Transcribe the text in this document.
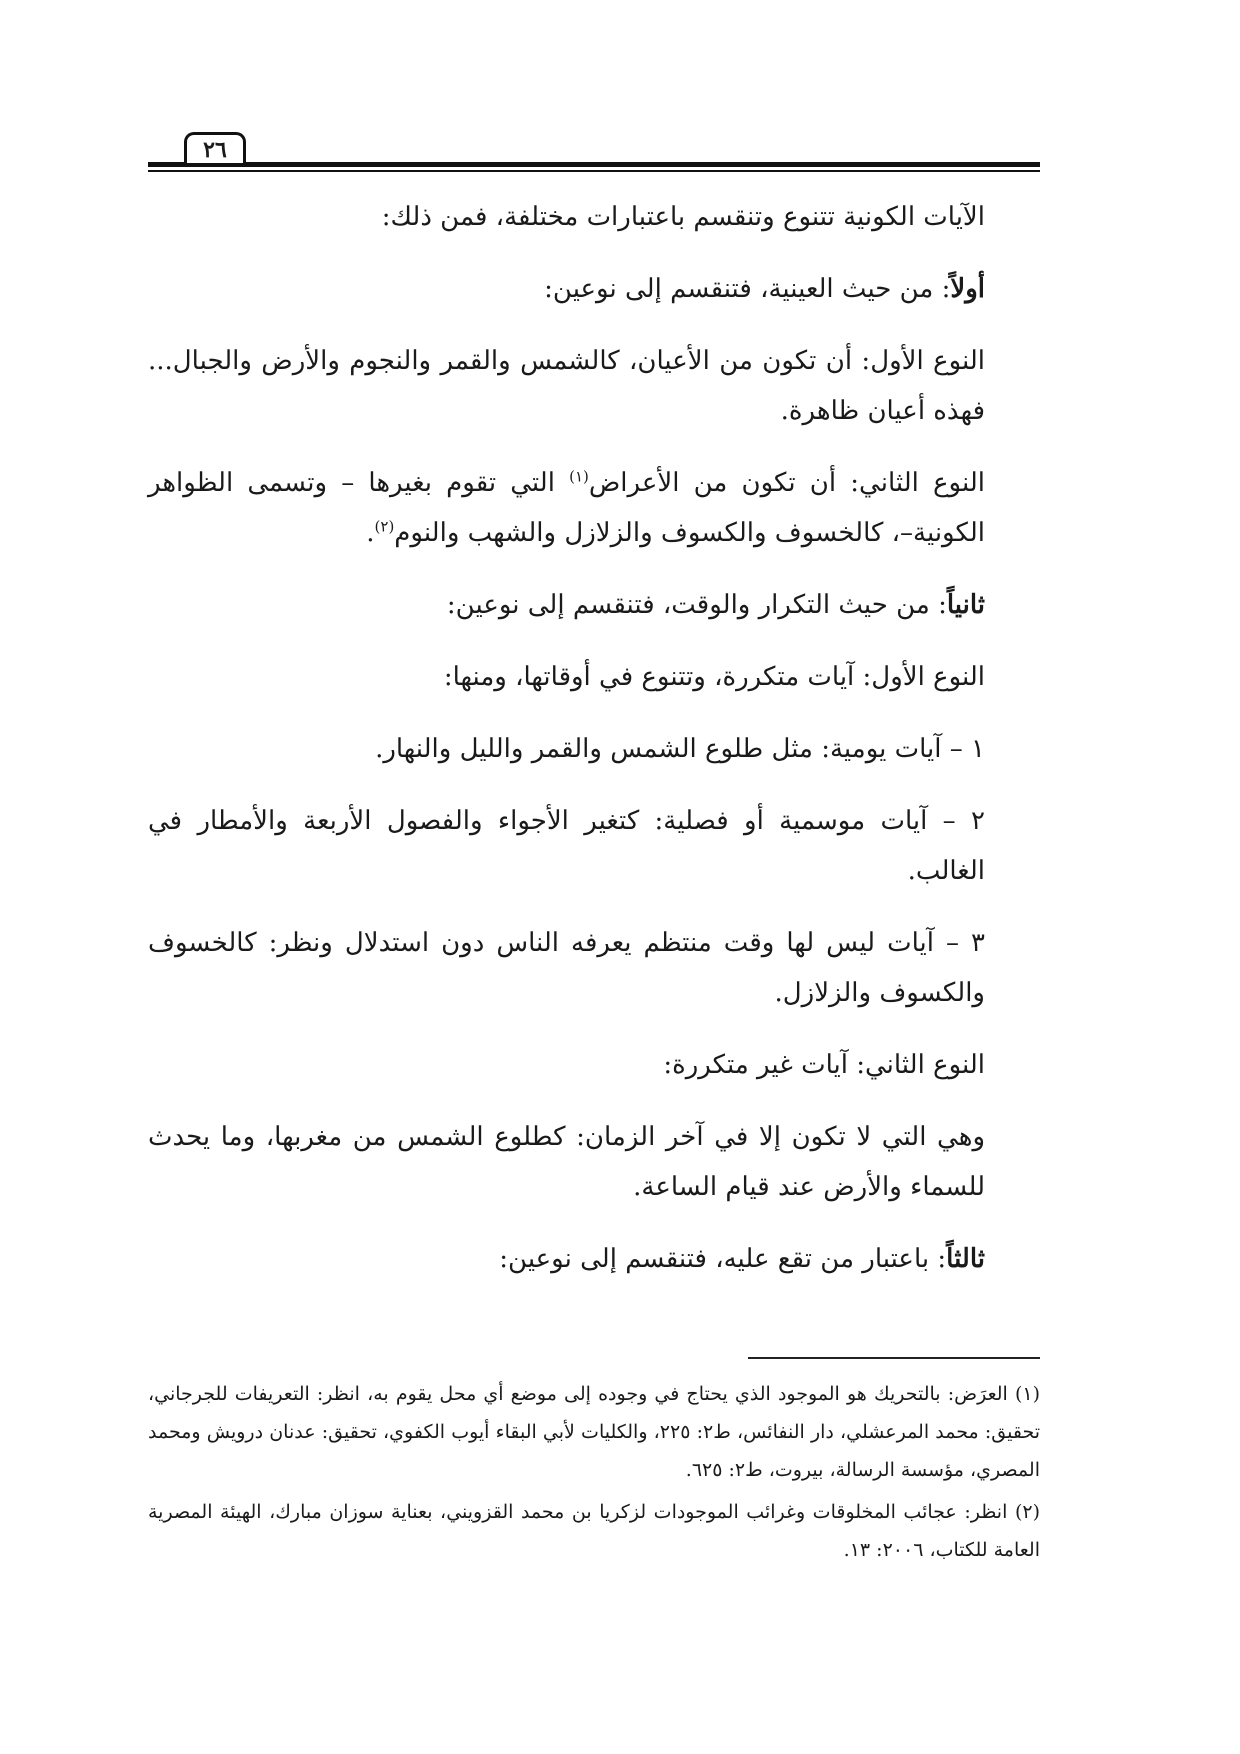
٢٦

الآيات الكونية تتنوع وتنقسم باعتبارات مختلفة، فمن ذلك:

أولاً: من حيث العينية، فتنقسم إلى نوعين:

النوع الأول: أن تكون من الأعيان، كالشمس والقمر والنجوم والأرض والجبال... فهذه أعيان ظاهرة.

النوع الثاني: أن تكون من الأعراض$^{(١)}$ التي تقوم بغيرها – وتسمى الظواهر الكونية–، كالخسوف والكسوف والزلازل والشهب والنوم$^{(٢)}$.

ثانياً: من حيث التكرار والوقت، فتنقسم إلى نوعين:

النوع الأول: آيات متكررة، وتتنوع في أوقاتها، ومنها:

١ – آيات يومية: مثل طلوع الشمس والقمر والليل والنهار.

٢ – آيات موسمية أو فصلية: كتغير الأجواء والفصول الأربعة والأمطار في الغالب.

٣ – آيات ليس لها وقت منتظم يعرفه الناس دون استدلال ونظر: كالخسوف والكسوف والزلازل.

النوع الثاني: آيات غير متكررة:

وهي التي لا تكون إلا في آخر الزمان: كطلوع الشمس من مغربها، وما يحدث للسماء والأرض عند قيام الساعة.

ثالثاً: باعتبار من تقع عليه، فتنقسم إلى نوعين:

(١) العرَض: بالتحريك هو الموجود الذي يحتاج في وجوده إلى موضع أي محل يقوم به، انظر: التعريفات للجرجاني، تحقيق: محمد المرعشلي، دار النفائس، ط٢: ٢٢٥، والكليات لأبي البقاء أيوب الكفوي، تحقيق: عدنان درويش ومحمد المصري، مؤسسة الرسالة، بيروت، ط٢: ٦٢٥.

(٢) انظر: عجائب المخلوقات وغرائب الموجودات لزكريا بن محمد القزويني، بعناية سوزان مبارك، الهيئة المصرية العامة للكتاب، ٢٠٠٦: ١٣.
